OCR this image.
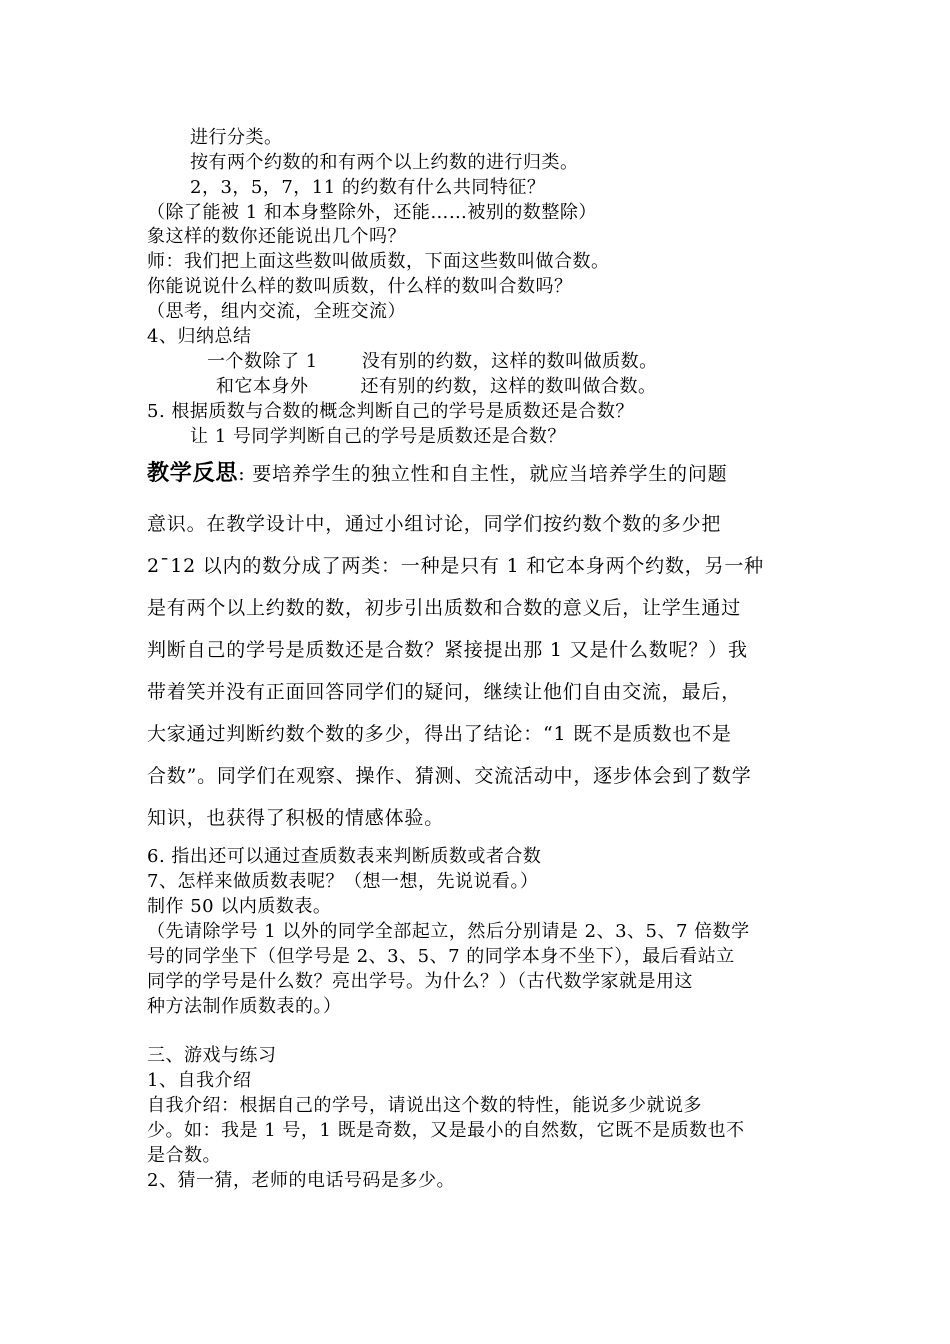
进行分类。
按有两个约数的和有两个以上约数的进行归类。
2，3，5，7，11 的约数有什么共同特征？
（除了能被 1 和本身整除外，还能……被别的数整除）
象这样的数你还能说出几个吗？
师：我们把上面这些数叫做质数，下面这些数叫做合数。
你能说说什么样的数叫质数，什么样的数叫合数吗？
（思考，组内交流，全班交流）
4、归纳总结
一个数除了 1 没有别的约数，这样的数叫做质数。
和它本身外	还有别的约数，这样的数叫做合数。
5. 根据质数与合数的概念判断自己的学号是质数还是合数？
让 1 号同学判断自己的学号是质数还是合数？
教学反思: 要培养学生的独立性和自主性，就应当培养学生的问题
意识。在教学设计中，通过小组讨论，同学们按约数个数的多少把
2¯12 以内的数分成了两类：一种是只有 1 和它本身两个约数，另一种
是有两个以上约数的数，初步引出质数和合数的意义后，让学生通过
判断自己的学号是质数还是合数？紧接提出那 1 又是什么数呢？）我
带着笑并没有正面回答同学们的疑问，继续让他们自由交流，最后，
大家通过判断约数个数的多少，得出了结论：“1 既不是质数也不是
合数”。同学们在观察、操作、猜测、交流活动中，逐步体会到了数学
知识，也获得了积极的情感体验。
6. 指出还可以通过查质数表来判断质数或者合数
7、怎样来做质数表呢？（想一想，先说说看。）
制作 50 以内质数表。
（先请除学号 1 以外的同学全部起立，然后分别请是 2、3、5、7 倍数学
号的同学坐下（但学号是 2、3、5、7 的同学本身不坐下），最后看站立
同学的学号是什么数？亮出学号。为什么？）（古代数学家就是用这
种方法制作质数表的。）
三、游戏与练习
1、自我介绍
自我介绍：根据自己的学号，请说出这个数的特性，能说多少就说多
少。如：我是 1 号，1 既是奇数，又是最小的自然数，它既不是质数也不
是合数。
2、猜一猜，老师的电话号码是多少。
